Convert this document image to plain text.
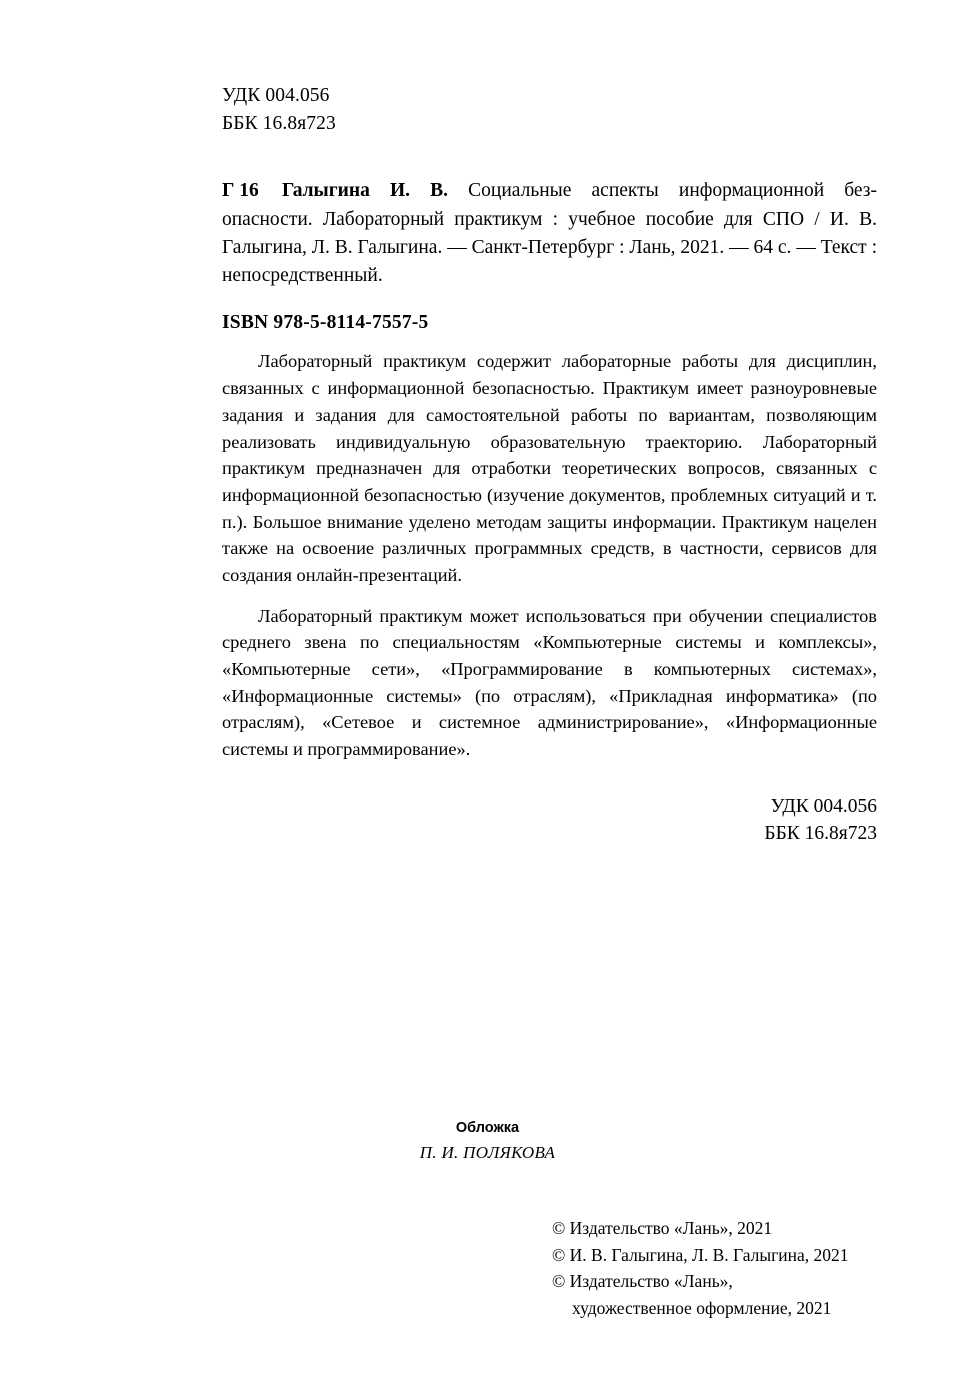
УДК 004.056
ББК 16.8я723
Г 16 Галыгина И. В. Социальные аспекты информационной без- опасности. Лабораторный практикум : учебное пособие для СПО / И. В. Галыгина, Л. В. Галыгина. — Санкт-Петербург : Лань, 2021. — 64 с. — Текст : непосредственный.
ISBN 978-5-8114-7557-5
Лабораторный практикум содержит лабораторные работы для дисциплин, связанных с информационной безопасностью. Практикум имеет разноуровневые задания и задания для самостоятельной работы по вариантам, позволяющим реализовать индивидуальную образовательную траекторию. Лабораторный практикум предназначен для отработки теоретических вопросов, связанных с информационной безопасностью (изучение документов, проблемных ситуаций и т. п.). Большое внимание уделено методам защиты информации. Практикум нацелен также на освоение различных программных средств, в частности, сервисов для создания онлайн-презентаций.
Лабораторный практикум может использоваться при обучении специалистов среднего звена по специальностям «Компьютерные системы и комплексы», «Компьютерные сети», «Программирование в компьютерных системах», «Информационные системы» (по отраслям), «Прикладная информатика» (по отраслям), «Сетевое и системное администрирование», «Информационные системы и программирование».
УДК 004.056
ББК 16.8я723
Обложка
П. И. ПОЛЯКОВА
© Издательство «Лань», 2021
© И. В. Галыгина, Л. В. Галыгина, 2021
© Издательство «Лань»,
художественное оформление, 2021
